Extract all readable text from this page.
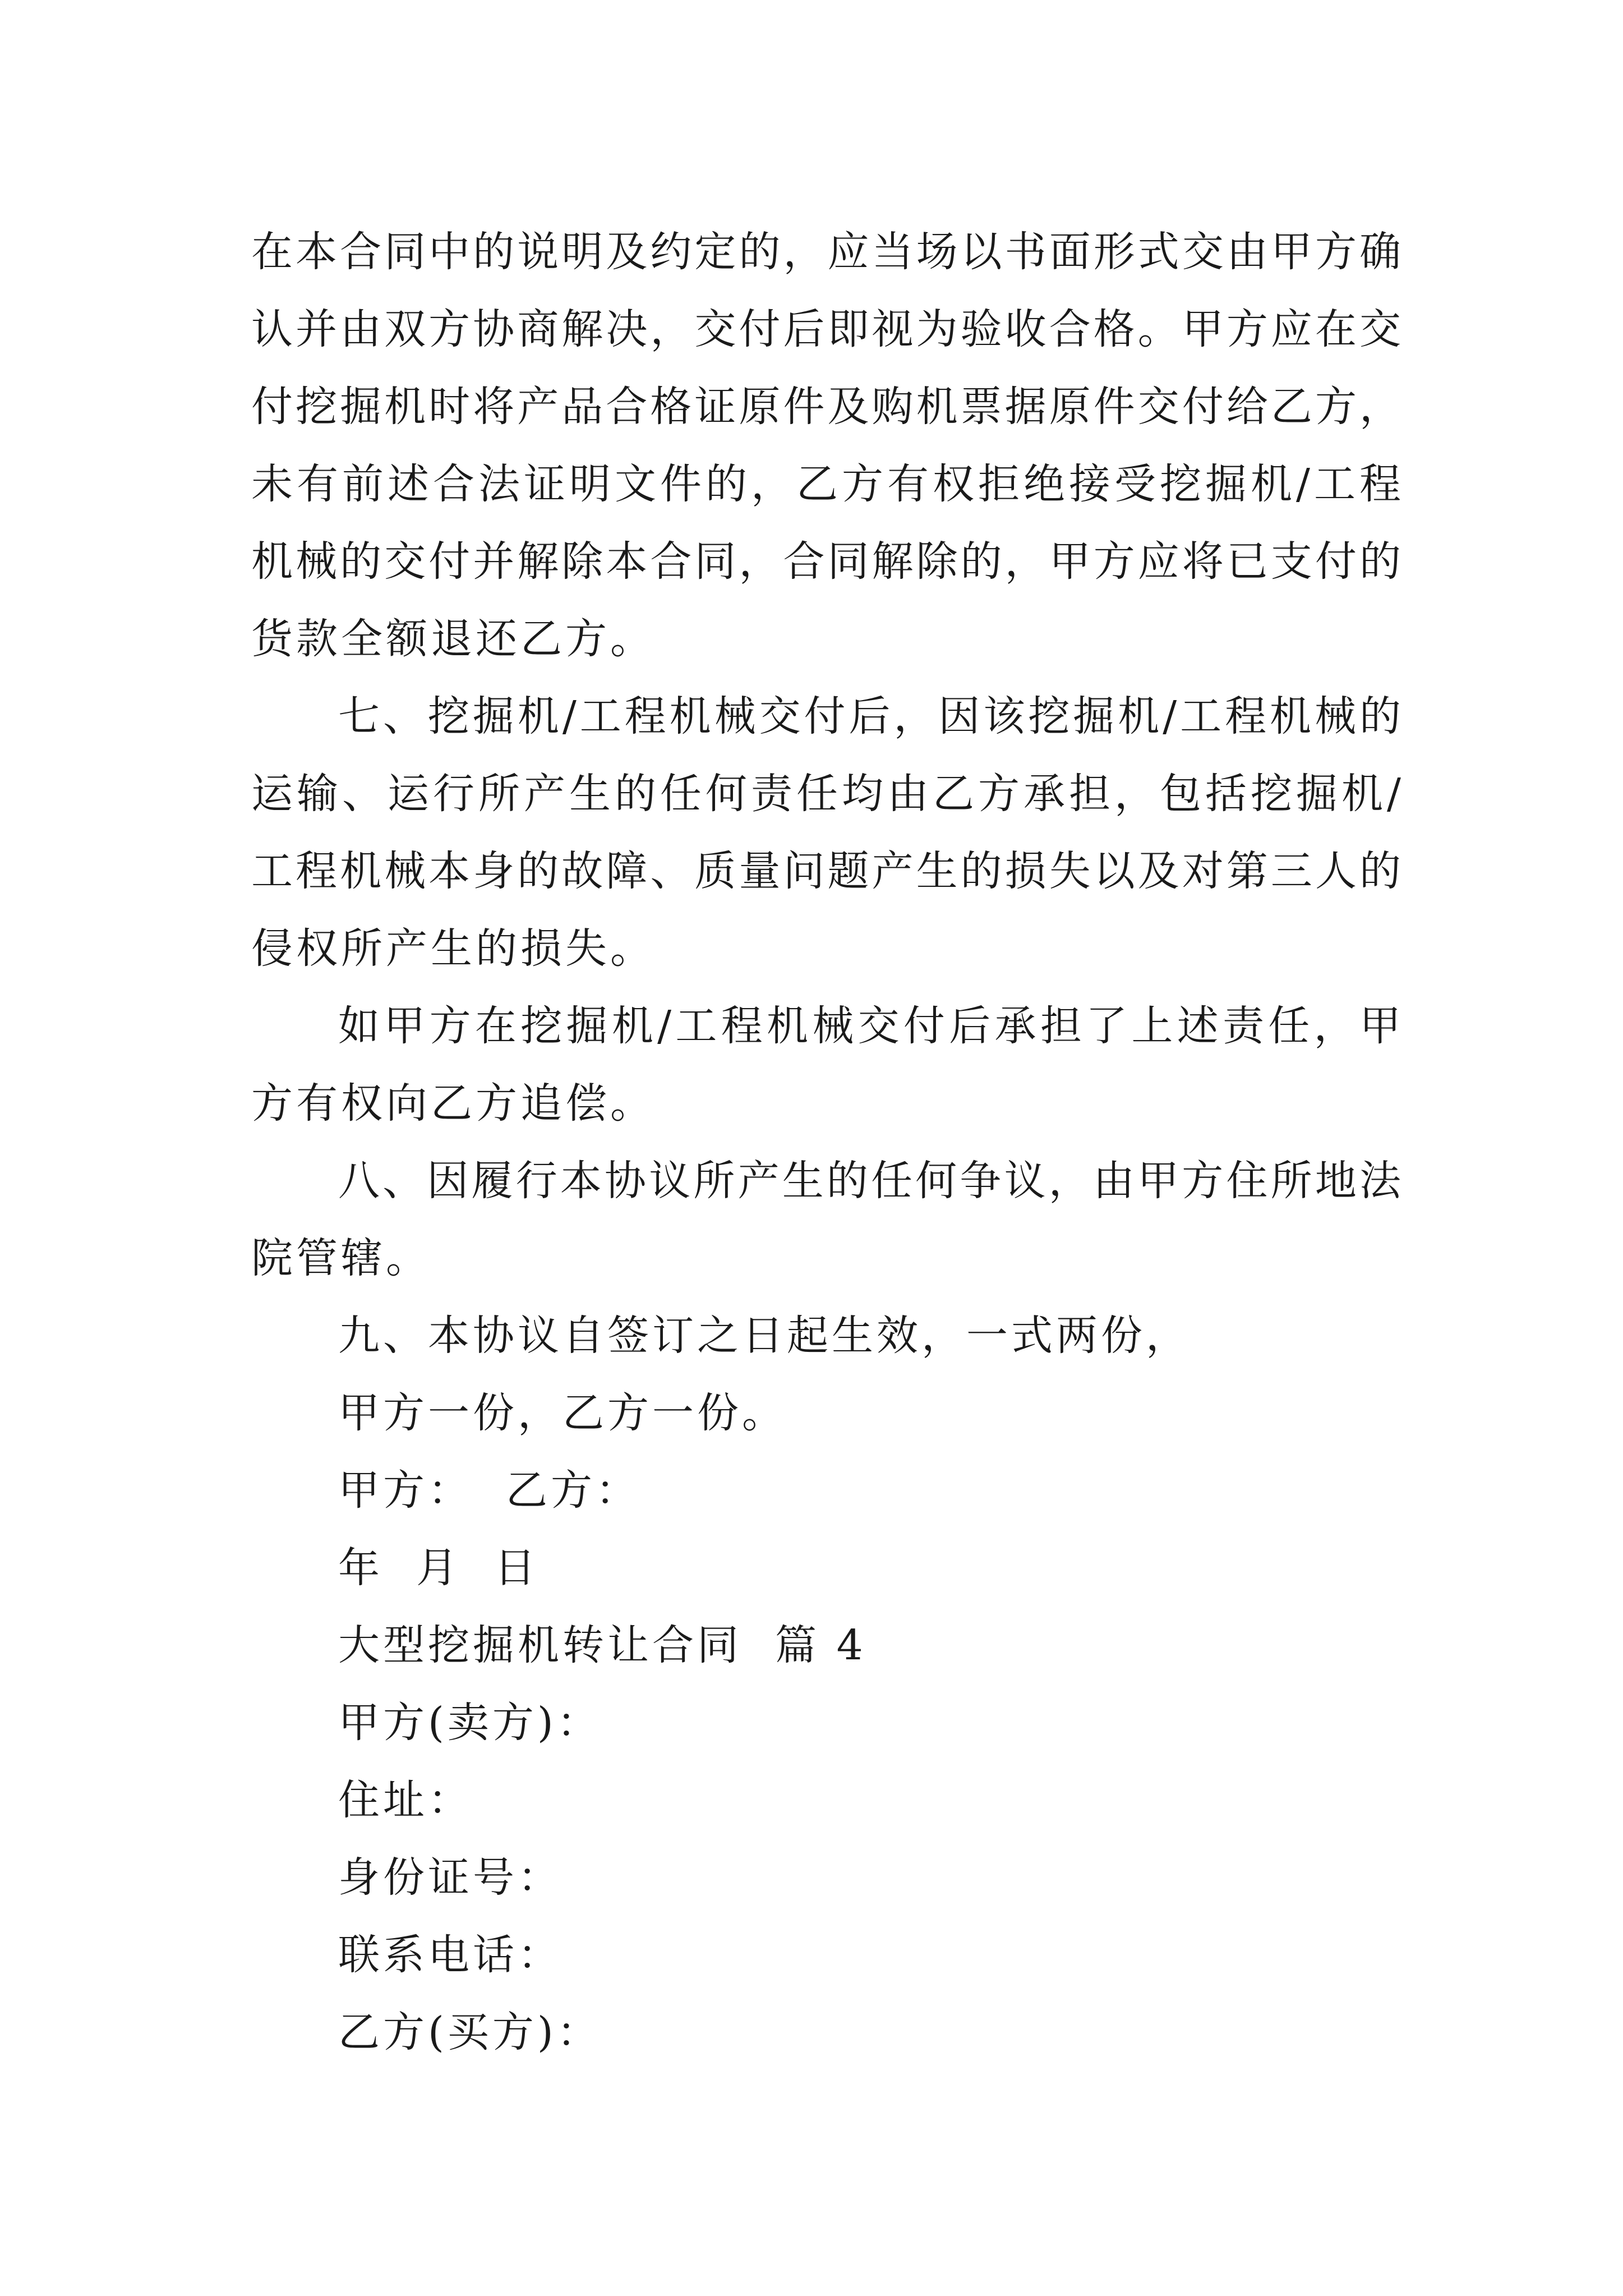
在本合同中的说明及约定的，应当场以书面形式交由甲方确
认并由双方协商解决，交付后即视为验收合格。甲方应在交
付挖掘机时将产品合格证原件及购机票据原件交付给乙方，
未有前述合法证明文件的，乙方有权拒绝接受挖掘机/工程
机械的交付并解除本合同，合同解除的，甲方应将已支付的
货款全额退还乙方。
七、挖掘机/工程机械交付后，因该挖掘机/工程机械的
运输、运行所产生的任何责任均由乙方承担，包括挖掘机/
工程机械本身的故障、质量问题产生的损失以及对第三人的
侵权所产生的损失。
如甲方在挖掘机/工程机械交付后承担了上述责任，甲
方有权向乙方追偿。
八、因履行本协议所产生的任何争议，由甲方住所地法
院管辖。
九、本协议自签订之日起生效，一式两份，
甲方一份，乙方一份。
甲方：  乙方：
年  月  日
大型挖掘机转让合同  篇 4
甲方(卖方)：
住址：
身份证号：
联系电话：
乙方(买方)：
